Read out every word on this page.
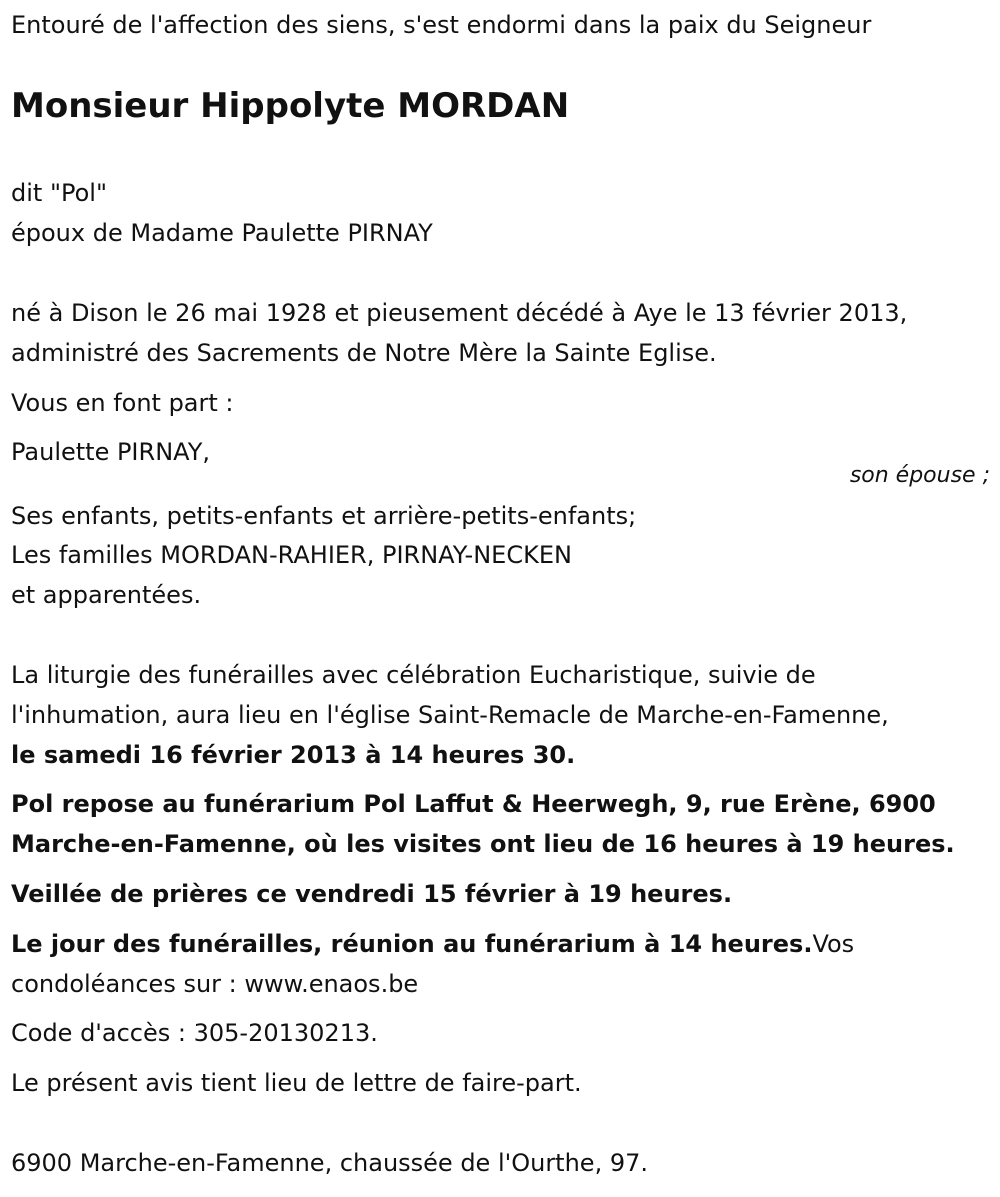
Entouré de l'affection des siens, s'est endormi dans la paix du Seigneur

Monsieur Hippolyte MORDAN

dit "Pol"

époux de Madame Paulette PIRNAY

né à Dison le 26 mai 1928 et pieusement décédé à Aye le 13 février 2013,

administré des Sacrements de Notre Mère la Sainte Eglise.

Vous en font part :

Paulette PIRNAY,

son épouse ;

Ses enfants, petits-enfants et arrière-petits-enfants;

Les familles MORDAN-RAHIER, PIRNAY-NECKEN

et apparentées.

La liturgie des funérailles avec célébration Eucharistique, suivie de

l'inhumation, aura lieu en l'église Saint-Remacle de Marche-en-Famenne,

le samedi 16 février 2013 à 14 heures 30.

Pol repose au funérarium Pol Laffut & Heerwegh, 9, rue Erène, 6900

Marche-en-Famenne, où les visites ont lieu de 16 heures à 19 heures.

Veillée de prières ce vendredi 15 février à 19 heures.

Le jour des funérailles, réunion au funérarium à 14 heures.Vos

condoléances sur : www.enaos.be

Code d'accès : 305-20130213.

Le présent avis tient lieu de lettre de faire-part.

6900 Marche-en-Famenne, chaussée de l'Ourthe, 97.
